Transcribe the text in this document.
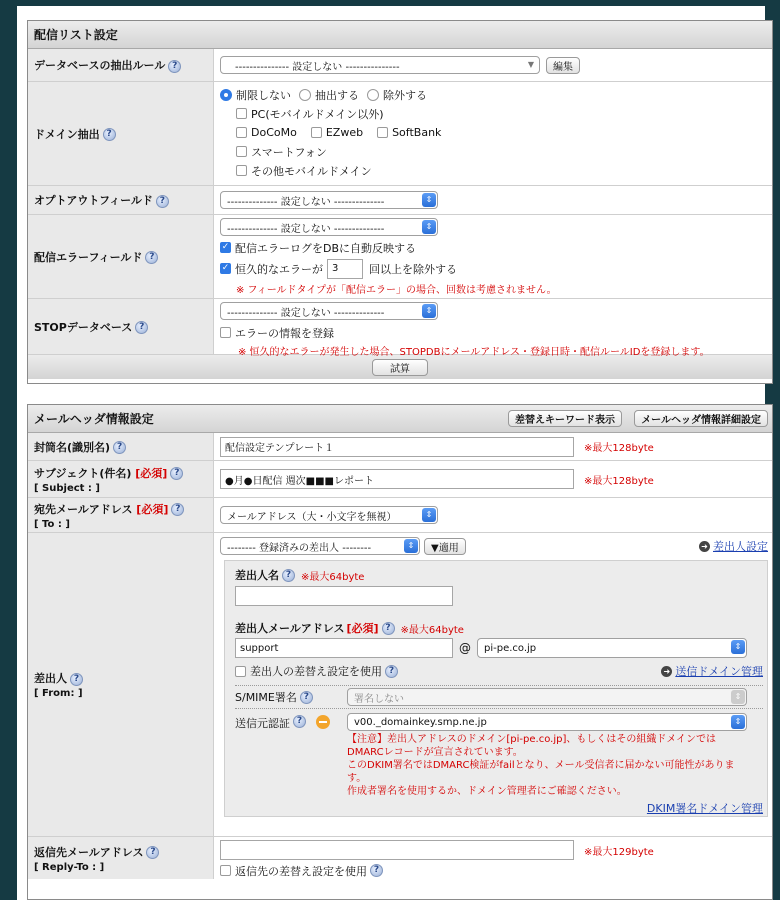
配信リスト設定
データベースの抽出ルール ?	--------------- 設定しない ---------------	▼	編集
ドメイン抽出 ?
制限しない 抽出する 除外する
PC(モバイルドメイン以外)
DoCoMo	EZweb	SoftBank
スマートフォン
その他モバイルドメイン
オプトアウトフィールド ?	-------------- 設定しない --------------	⇕
配信エラーフィールド ?
-------------- 設定しない --------------	⇕
✓ 配信エラーログをDBに自動反映する
✓ 恒久的なエラーが 3	回以上を除外する
※ フィールドタイプが「配信エラー」の場合、回数は考慮されません。
STOPデータベース ?
-------------- 設定しない --------------	⇕
エラーの情報を登録
※ 恒久的なエラーが発生した場合、STOPDBにメールアドレス・登録日時・配信ルールIDを登録します。
試算
メールヘッダ情報設定	差替えキーワード表示	メールヘッダ情報詳細設定
封筒名(識別名) ?	配信設定テンプレート１	※最大128byte
サブジェクト(件名) [必須] ?
[ Subject : ]
●月●日配信 週次■■■レポート	※最大128byte
宛先メールアドレス [必須] ?
[ To : ]
メールアドレス（大・小文字を無視）	⇕
差出人 ?
[ From: ]
-------- 登録済みの差出人 --------	⇕	▼適用	➜ 差出人設定
差出人名 ? ※最大64byte
差出人メールアドレス [必須] ? ※最大64byte
support	@ pi-pe.co.jp	⇕
差出人の差替え設定を使用 ?	➜ 送信ドメイン管理
S/MIME署名 ?	署名しない	⇕
送信元認証 ?	v00._domainkey.smp.ne.jp	⇕
【注意】差出人アドレスのドメイン[pi-pe.co.jp]、もしくはその組織ドメインではDMARCレコードが宣言されています。
このDKIM署名ではDMARC検証がfailとなり、メール受信者に届かない可能性があります。
作成者署名を使用するか、ドメイン管理者にご確認ください。
DKIM署名ドメイン管理
返信先メールアドレス ?
[ Reply-To : ]
※最大129byte
返信先の差替え設定を使用 ?
